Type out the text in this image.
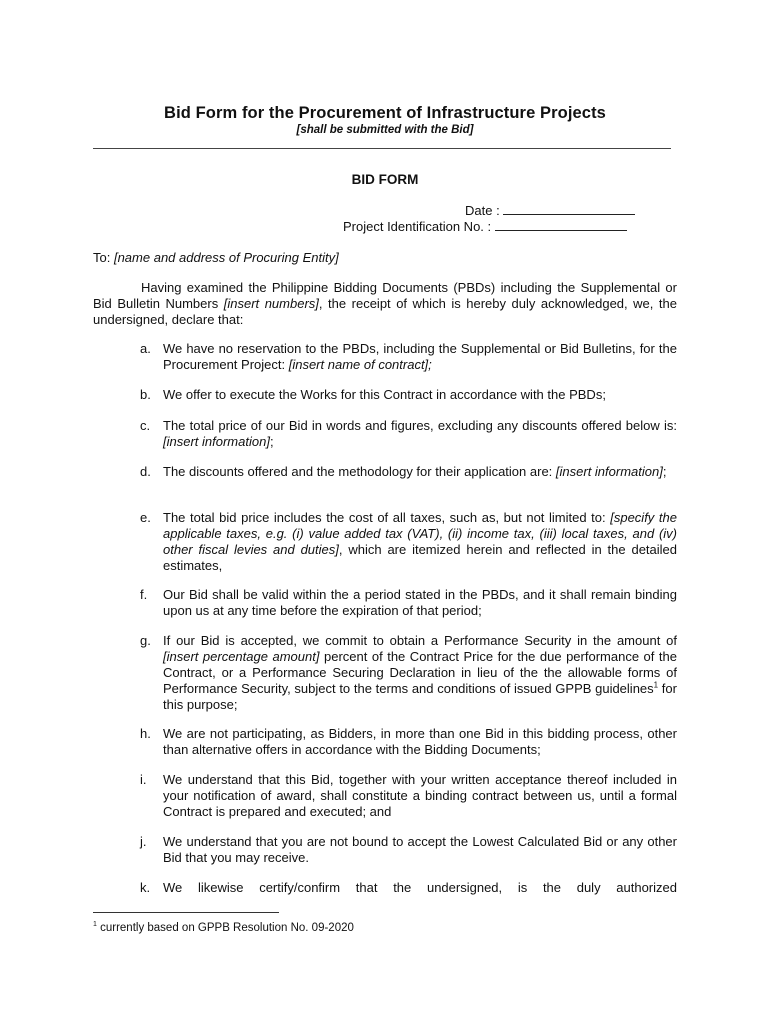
Bid Form for the Procurement of Infrastructure Projects
[shall be submitted with the Bid]
BID FORM
Date :
Project Identification No. :
To: [name and address of Procuring Entity]
Having examined the Philippine Bidding Documents (PBDs) including the Supplemental or Bid Bulletin Numbers [insert numbers], the receipt of which is hereby duly acknowledged, we, the undersigned, declare that:
a. We have no reservation to the PBDs, including the Supplemental or Bid Bulletins, for the Procurement Project: [insert name of contract];
b. We offer to execute the Works for this Contract in accordance with the PBDs;
c. The total price of our Bid in words and figures, excluding any discounts offered below is: [insert information];
d. The discounts offered and the methodology for their application are: [insert information];
e. The total bid price includes the cost of all taxes, such as, but not limited to: [specify the applicable taxes, e.g. (i) value added tax (VAT), (ii) income tax, (iii) local taxes, and (iv) other fiscal levies and duties], which are itemized herein and reflected in the detailed estimates,
f.	Our Bid shall be valid within the a period stated in the PBDs, and it shall remain binding upon us at any time before the expiration of that period;
g. If our Bid is accepted, we commit to obtain a Performance Security in the amount of [insert percentage amount] percent of the Contract Price for the due performance of the Contract, or a Performance Securing Declaration in lieu of the the allowable forms of Performance Security, subject to the terms and conditions of issued GPPB guidelines$^1$ for this purpose;
h. We are not participating, as Bidders, in more than one Bid in this bidding process, other than alternative offers in accordance with the Bidding Documents;
i.	We understand that this Bid, together with your written acceptance thereof included in your notification of award, shall constitute a binding contract between us, until a formal Contract is prepared and executed; and
j.	We understand that you are not bound to accept the Lowest Calculated Bid or any other Bid that you may receive.
k. We likewise certify/confirm that the undersigned, is the duly authorized
$^1$ currently based on GPPB Resolution No. 09-2020
